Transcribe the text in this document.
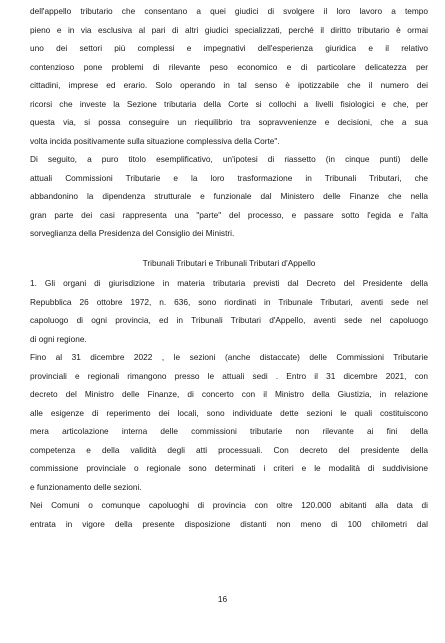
dell'appello tributario che consentano a quei giudici di svolgere il loro lavoro a tempo
pieno e in via esclusiva al pari di altri giudici specializzati, perché il diritto tributario è ormai
uno dei settori più complessi e impegnativi dell'esperienza giuridica e il relativo
contenzioso pone problemi di rilevante peso economico e di particolare delicatezza per
cittadini, imprese ed erario. Solo operando in tal senso è ipotizzabile che il numero dei
ricorsi che investe la Sezione tributaria della Corte si collochi a livelli fisiologici e che, per
questa via, si possa conseguire un riequilibrio tra sopravvenienze e decisioni, che a sua
volta incida positivamente sulla situazione complessiva della Corte".
Di seguito, a puro titolo esemplificativo, un'ipotesi di riassetto (in cinque punti) delle
attuali Commissioni Tributarie e la loro trasformazione in Tribunali Tributari, che
abbandonino la dipendenza strutturale e funzionale dal Ministero delle Finanze che nella
gran parte dei casi rappresenta una "parte" del processo, e passare sotto l'egida e l'alta
sorveglianza della Presidenza del Consiglio dei Ministri.
Tribunali Tributari e Tribunali Tributari d'Appello
1. Gli organi di giurisdizione in materia tributaria previsti dal Decreto del Presidente della
Repubblica 26 ottobre 1972, n. 636, sono riordinati in Tribunale Tributari, aventi sede nel
capoluogo di ogni provincia, ed in Tribunali Tributari d'Appello, aventi sede nel capoluogo
di ogni regione.
Fino al 31 dicembre 2022 , le sezioni (anche distaccate) delle Commissioni Tributarie
provinciali e regionali rimangono presso le attuali sedi . Entro il 31 dicembre 2021, con
decreto del Ministro delle Finanze, di concerto con il Ministro della Giustizia, in relazione
alle esigenze di reperimento dei locali, sono individuate dette sezioni le quali costituiscono
mera articolazione interna delle commissioni tributarie non rilevante ai fini della
competenza e della validità degli atti processuali. Con decreto del presidente della
commissione provinciale o regionale sono determinati i criteri e le modalità di suddivisione
e funzionamento delle sezioni.
Nei Comuni o comunque capoluoghi di provincia con oltre 120.000 abitanti alla data di
entrata in vigore della presente disposizione distanti non meno di 100 chilometri dal
16
